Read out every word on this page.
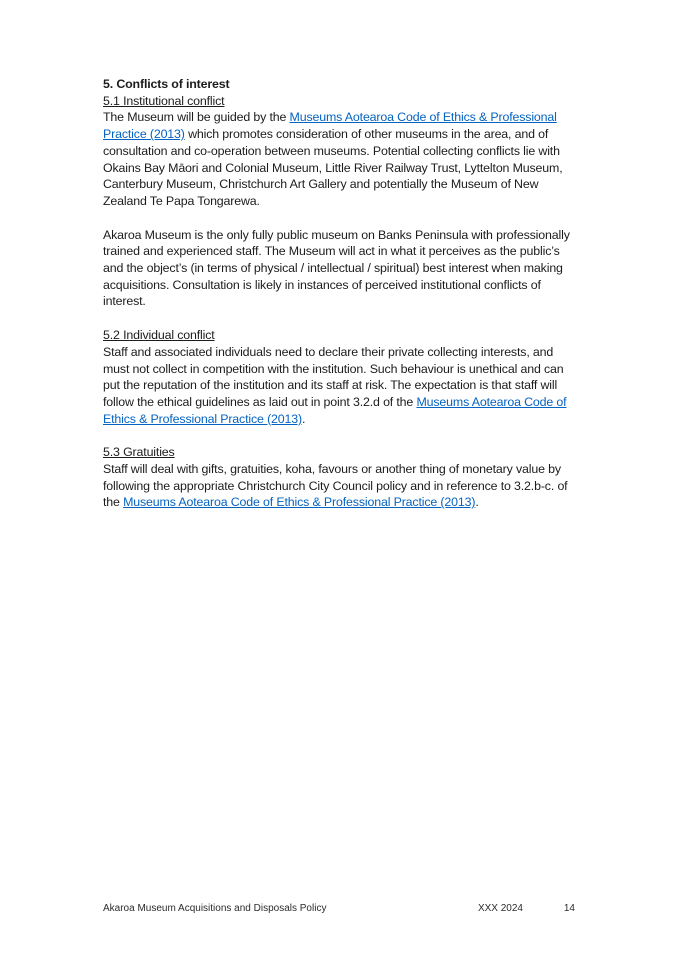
5. Conflicts of interest

5.1 Institutional conflict

The Museum will be guided by the Museums Aotearoa Code of Ethics & Professional Practice (2013) which promotes consideration of other museums in the area, and of consultation and co-operation between museums. Potential collecting conflicts lie with Okains Bay Māori and Colonial Museum, Little River Railway Trust, Lyttelton Museum, Canterbury Museum, Christchurch Art Gallery and potentially the Museum of New Zealand Te Papa Tongarewa.

Akaroa Museum is the only fully public museum on Banks Peninsula with professionally trained and experienced staff. The Museum will act in what it perceives as the public’s and the object’s (in terms of physical / intellectual / spiritual) best interest when making acquisitions. Consultation is likely in instances of perceived institutional conflicts of interest.

5.2 Individual conflict

Staff and associated individuals need to declare their private collecting interests, and must not collect in competition with the institution. Such behaviour is unethical and can put the reputation of the institution and its staff at risk. The expectation is that staff will follow the ethical guidelines as laid out in point 3.2.d of the Museums Aotearoa Code of Ethics & Professional Practice (2013).

5.3 Gratuities

Staff will deal with gifts, gratuities, koha, favours or another thing of monetary value by following the appropriate Christchurch City Council policy and in reference to 3.2.b-c. of the Museums Aotearoa Code of Ethics & Professional Practice (2013).

Akaroa Museum Acquisitions and Disposals Policy	XXX 2024	14
